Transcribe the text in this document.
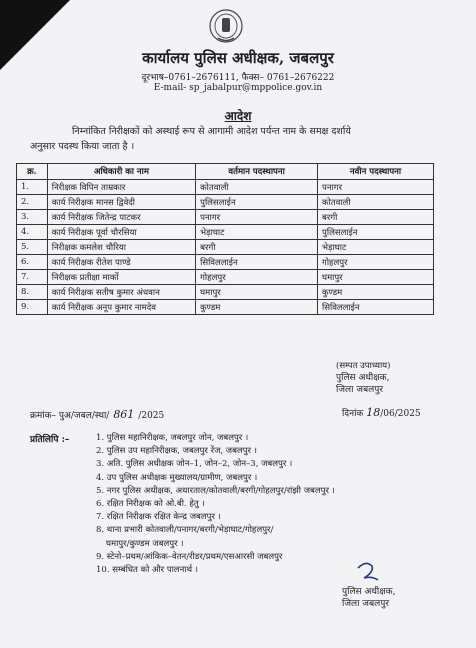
कार्यालय पुलिस अधीक्षक, जबलपुर
दूरभाष–0761–2676111, फैक्स– 0761–2676222
E-mail- sp_jabalpur@mppolice.gov.in
आदेश
निम्नांकित निरीक्षकों को अस्थाई रूप से आगामी आदेश पर्यन्त नाम के समक्ष दर्शाये
अनुसार पदस्थ किया जाता है ।
क्र.	अधिकारी का नाम	वर्तमान पदस्थापना	नवीन पदस्थापना
1.	निरीक्षक विपिन ताम्रकार	कोतवाली	पनागर
2.	कार्य निरीक्षक मानस द्विवेदी	पुलिसलाईन	कोतवाली
3.	कार्य निरीक्षक जितेन्द्र पाटकर	पनागर	बरगी
4.	कार्य निरीक्षक पूर्वा चौरसिया	भेड़ाघाट	पुलिसलाईन
5.	निरीक्षक कमलेश चौरिया	बरगी	भेड़ाघाट
6.	कार्य निरीक्षक रीतेश पाण्डे	सिविललाईन	गोहलपुर
7.	निरीक्षक प्रतीक्षा मार्को	गोहलपुर	घमापुर
8.	कार्य निरीक्षक सतीष कुमार अंधवान	घमापुर	कुण्डम
9.	कार्य निरीक्षक अनूप कुमार नामदेव	कुण्डम	सिविललाईन
(सम्पत उपाध्याय)
पुलिस अधीक्षक,
जिला जबलपुर
क्रमांक– पुअ/जबल/स्था/ 861 /2025	दिनांक 18/06/2025
प्रतिलिपि :–	1. पुलिस महानिरीक्षक, जबलपुर जोन, जबलपुर ।
2. पुलिस उप महानिरीक्षक, जबलपुर रेंज, जबलपुर ।
3. अति. पुलिस अधीक्षक जोन–1, जोन–2, जोन–3, जबलपुर ।
4. उप पुलिस अधीक्षक मुख्यालय/ग्रामीण, जबलपुर ।
5. नगर पुलिस अधीक्षक, अधारताल/कोतवाली/बरगी/गोहलपुर/रांझी जबलपुर ।
6. रक्षित निरीक्षक को ओ.बी. हेतु ।
7. रक्षित निरीक्षक रक्षित केन्द्र जबलपुर ।
8. थाना प्रभारी कोतवाली/पनागर/बरगी/भेड़ाघाट/गोहलपुर/
घमापुर/कुण्डम जबलपुर ।
9. स्टेनो–प्रथम/आंकिक–वेतन/रीडर/प्रथम/एसआरसी जबलपुर
10. सम्बंधित को और पालनार्थ ।
पुलिस अधीक्षक,
जिला जबलपुर
